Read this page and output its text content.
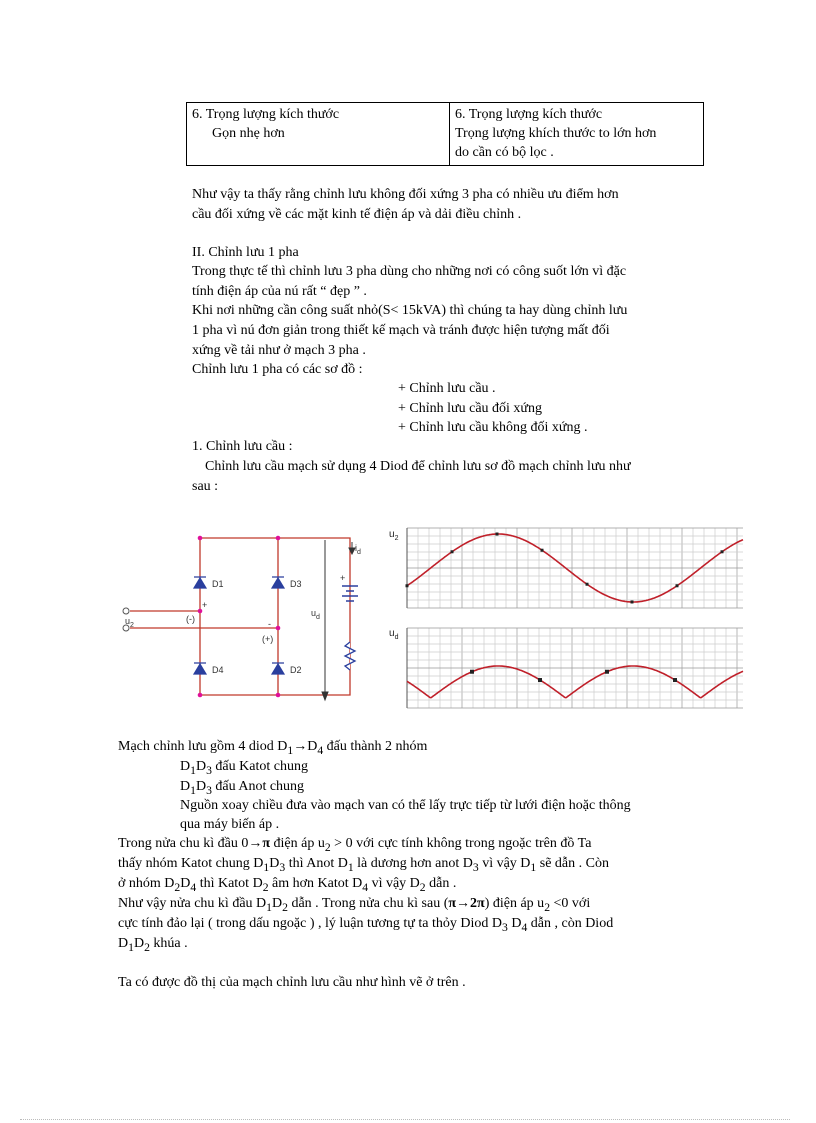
6. Trọng lượng kích thước
Gọn nhẹ hơn

6. Trọng lượng kích thước
Trọng lượng khích thước to lớn hơn
do cần có bộ lọc .
Như vậy ta thấy rằng chỉnh lưu không đối xứng 3 pha có nhiều ưu điểm hơn
cầu đối xứng về các mặt kinh tế điện áp và dải điều chỉnh .
II. Chỉnh lưu 1 pha
Trong thực tế thì chỉnh lưu 3 pha dùng cho những nơi có công suốt lớn vì đặc
tính điện áp của nú rất “ đẹp ” .
Khi nơi những cần công suất nhỏ(S< 15kVA) thì chúng ta hay dùng chỉnh lưu
1 pha vì nú đơn giản trong thiết kế mạch và tránh được hiện tượng mất đối
xứng về tải như ở mạch 3 pha .
Chỉnh lưu 1 pha có các sơ đồ :
+ Chỉnh lưu cầu .
+ Chỉnh lưu cầu đối xứng
+ Chỉnh lưu cầu không đối xứng .
1. Chỉnh lưu cầu :
Chỉnh lưu cầu mạch sử dụng 4 Diod để chỉnh lưu sơ đồ mạch chỉnh lưu như
sau :
D1	D3
D4	D2
(-)
(+)
+
-
+
$u_2$
$u_d$
$i_d$
$u_2$
$u_d$
Mạch chỉnh lưu gồm 4 diod $D_1\to D_4$ đấu thành 2 nhóm
$D_1D_3$ đấu Katot chung
$D_1D_3$ đấu Anot chung
Nguồn xoay chiều đưa vào mạch van có thể lấy trực tiếp từ lưới điện hoặc thông
qua máy biến áp .
Trong nửa chu kì đầu 0→π điện áp $u_2 > 0$ với cực tính không trong ngoặc trên đồ Ta
thấy nhóm Katot chung $D_1D_3$ thì Anot $D_1$ là dương hơn anot $D_3$ vì vậy $D_1$ sẽ dẫn . Còn
ở nhóm $D_2D_4$ thì Katot $D_2$ âm hơn Katot $D_4$ vì vậy $D_2$ dẫn .
Như vậy nửa chu kì đầu $D_1D_2$ dẫn . Trong nửa chu kì sau (π→2π) điện áp $u_2 <0$ với
cực tính đảo lại ( trong dấu ngoặc ) , lý luận tương tự ta thỏy Diod $D_3$ $D_4$ dẫn , còn Diod
$D_1D_2$ khúa .
Ta có được đồ thị của mạch chỉnh lưu cầu như hình vẽ ở trên .
